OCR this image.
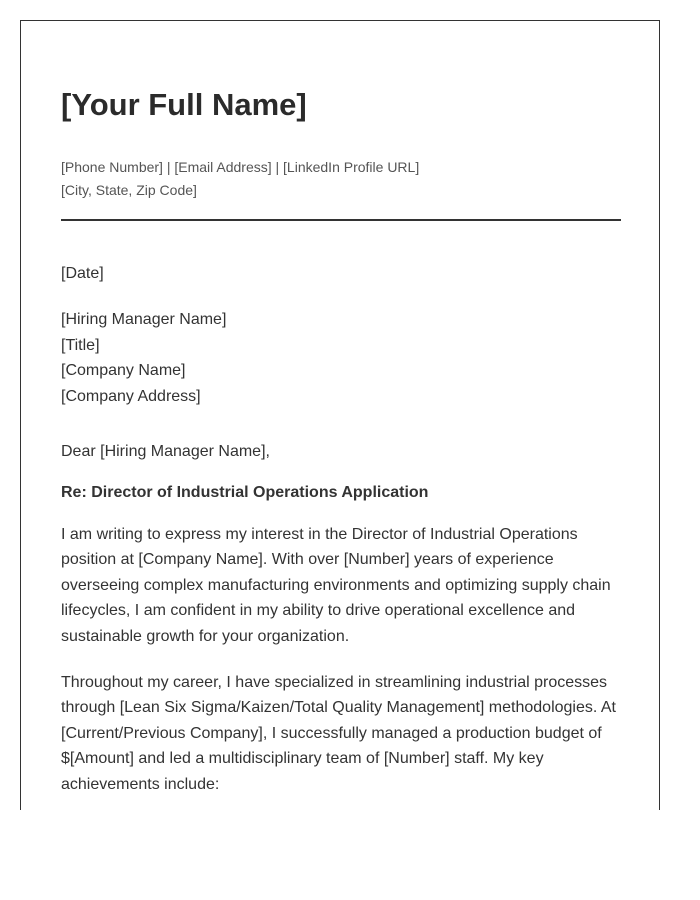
[Your Full Name]
[Phone Number] | [Email Address] | [LinkedIn Profile URL]
[City, State, Zip Code]
[Date]
[Hiring Manager Name]
[Title]
[Company Name]
[Company Address]
Dear [Hiring Manager Name],
Re: Director of Industrial Operations Application

I am writing to express my interest in the Director of Industrial Operations position at [Company Name]. With over [Number] years of experience overseeing complex manufacturing environments and optimizing supply chain lifecycles, I am confident in my ability to drive operational excellence and sustainable growth for your organization.

Throughout my career, I have specialized in streamlining industrial processes through [Lean Six Sigma/Kaizen/Total Quality Management] methodologies. At [Current/Previous Company], I successfully managed a production budget of $[Amount] and led a multidisciplinary team of [Number] staff. My key achievements include:
